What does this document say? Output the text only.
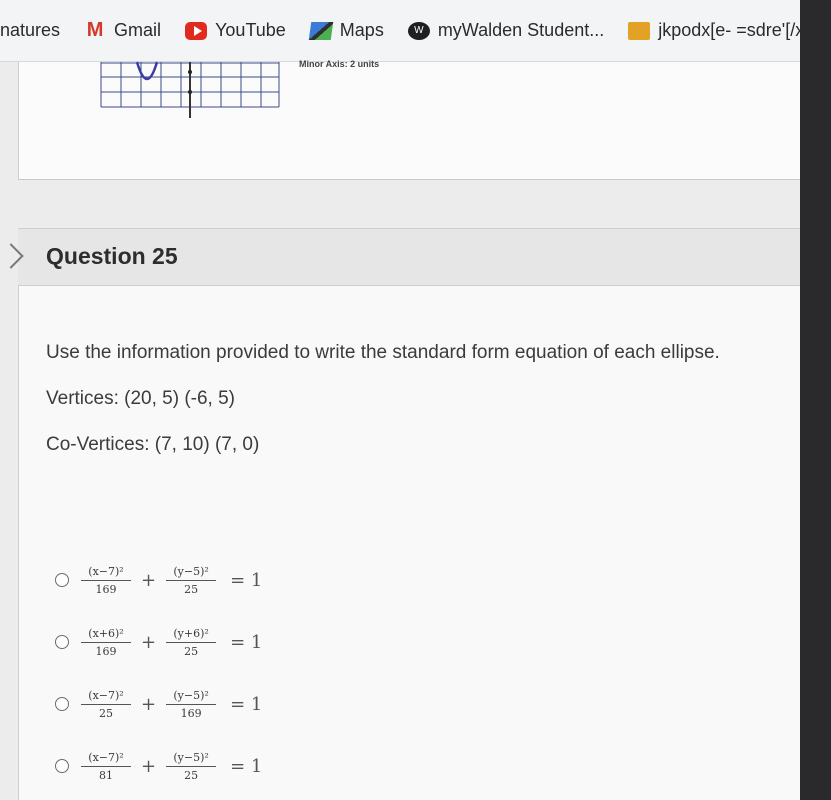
natures M Gmail	YouTube	Maps	W myWalden Student...	jkpodx[e- =sdre'[/x...
Minor Axis: 2 units
Question 25
Use the information provided to write the standard form equation of each ellipse.
Vertices: (20, 5) (-6, 5)
Co-Vertices: (7, 10) (7, 0)
$\frac{\text{(x−7)²}}{169} + \frac{\text{(y−5)²}}{25} = 1$
$\frac{\text{(x+6)²}}{169} + \frac{\text{(y+6)²}}{25} = 1$
$\frac{\text{(x−7)²}}{25} + \frac{\text{(y−5)²}}{169} = 1$
$\frac{\text{(x−7)²}}{81} + \frac{\text{(y−5)²}}{25} = 1$
